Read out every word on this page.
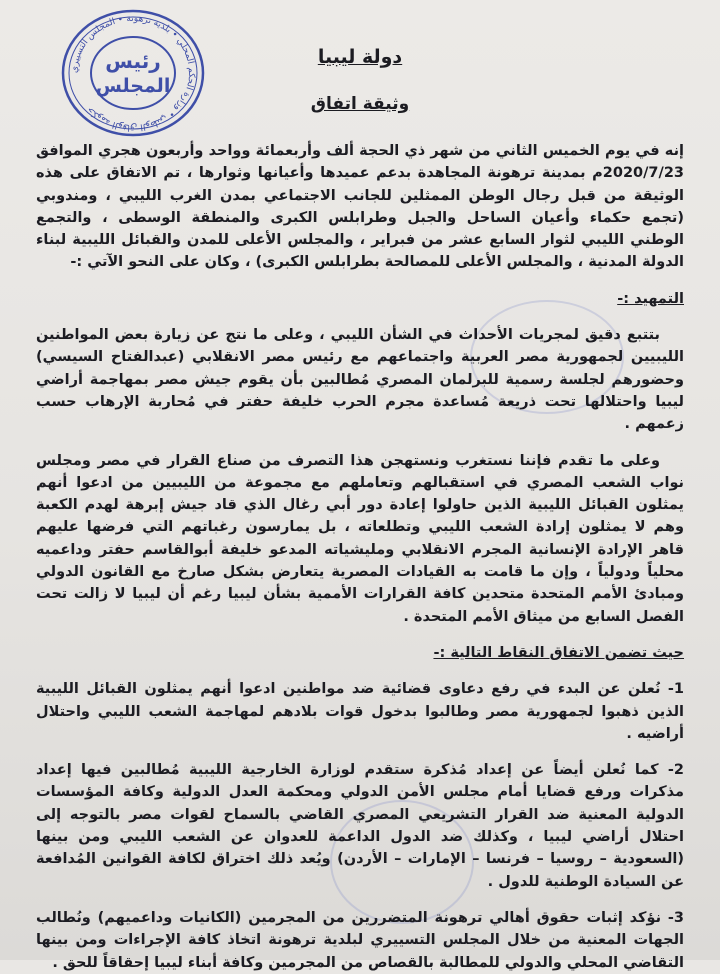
حكومة الوفاق الوطني • وزارة الحكم المحلي • بلدية ترهونة • المجلس التسييري
رئيس
المجلس
دولة ليبيا
وثيقة اتفاق

إنه في يوم الخميس الثاني من شهر ذي الحجة ألف وأربعمائة وواحد وأربعون هجري الموافق 2020/7/23م بمدينة ترهونة المجاهدة بدعم عميدها وأعيانها وثوارها ، تم الاتفاق على هذه الوثيقة من قبل رجال الوطن الممثلين للجانب الاجتماعي بمدن الغرب الليبي ، ومندوبي (تجمع حكماء وأعيان الساحل والجبل وطرابلس الكبرى والمنطقة الوسطى ، والتجمع الوطني الليبي لثوار السابع عشر من فبراير ، والمجلس الأعلى للمدن والقبائل الليبية لبناء الدولة المدنية ، والمجلس الأعلى للمصالحة بطرابلس الكبرى) ، وكان على النحو الآتي :-

التمهيد :-

بتتبع دقيق لمجريات الأحداث في الشأن الليبي ، وعلى ما نتج عن زيارة بعض المواطنين الليبيين لجمهورية مصر العربية واجتماعهم مع رئيس مصر الانقلابي (عبدالفتاح السيسي) وحضورهم لجلسة رسمية للبرلمان المصري مُطالبين بأن يقوم جيش مصر بمهاجمة أراضي ليبيا واحتلالها تحت ذريعة مُساعدة مجرم الحرب خليفة حفتر في مُحاربة الإرهاب حسب زعمهم .

وعلى ما تقدم فإننا نستغرب ونستهجن هذا التصرف من صناع القرار في مصر ومجلس نواب الشعب المصري في استقبالهم وتعاملهم مع مجموعة من الليبيين من ادعوا أنهم يمثلون القبائل الليبية الذين حاولوا إعادة دور أبي رغال الذي قاد جيش إبرهة لهدم الكعبة وهم لا يمثلون إرادة الشعب الليبي وتطلعاته ، بل يمارسون رغباتهم التي فرضها عليهم قاهر الإرادة الإنسانية المجرم الانقلابي ومليشياته المدعو خليفة أبوالقاسم حفتر وداعميه محلياً ودولياً ، وإن ما قامت به القيادات المصرية يتعارض بشكل صارخ مع القانون الدولي ومبادئ الأمم المتحدة متحدين كافة القرارات الأممية بشأن ليبيا رغم أن ليبيا لا زالت تحت الفصل السابع من ميثاق الأمم المتحدة .

حيث تضمن الاتفاق النقاط التالية :-

1- نُعلن عن البدء في رفع دعاوى قضائية ضد مواطنين ادعوا أنهم يمثلون القبائل الليبية الذين ذهبوا لجمهورية مصر وطالبوا بدخول قوات بلادهم لمهاجمة الشعب الليبي واحتلال أراضيه .

2- كما نُعلن أيضاً عن إعداد مُذكرة ستقدم لوزارة الخارجية الليبية مُطالبين فيها إعداد مذكرات ورفع قضايا أمام مجلس الأمن الدولي ومحكمة العدل الدولية وكافة المؤسسات الدولية المعنية ضد القرار التشريعي المصري القاضي بالسماح لقوات مصر بالتوجه إلى احتلال أراضي ليبيا ، وكذلك ضد الدول الداعمة للعدوان عن الشعب الليبي ومن بينها (السعودية – روسيا – فرنسا – الإمارات – الأردن) ويُعد ذلك اختراق لكافة القوانين المُدافعة عن السيادة الوطنية للدول .

3- نؤكد إثبات حقوق أهالي ترهونة المتضررين من المجرمين (الكانيات وداعميهم) ونُطالب الجهات المعنية من خلال المجلس التسييري لبلدية ترهونة اتخاذ كافة الإجراءات ومن بينها التقاضي المحلي والدولي للمطالبة بالقصاص من المجرمين وكافة أبناء ليبيا إحقاقاً للحق .
